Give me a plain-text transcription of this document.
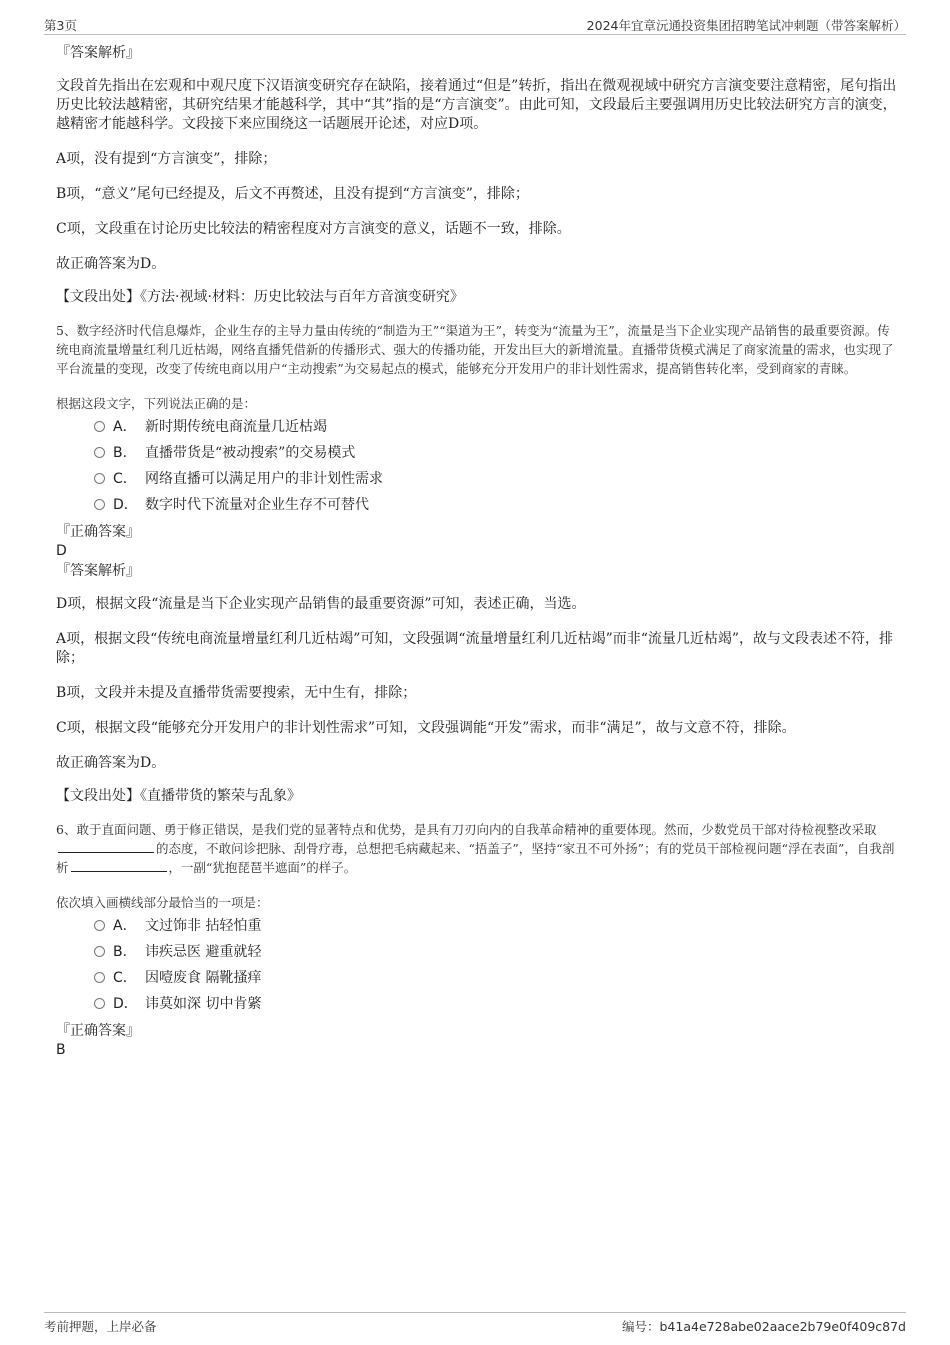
第3页	2024年宜章沅通投资集团招聘笔试冲刺题（带答案解析）

『答案解析』

文段首先指出在宏观和中观尺度下汉语演变研究存在缺陷，接着通过“但是”转折，指出在微观视域中研究方言演变要注意精密，尾句指出历史比较法越精密，其研究结果才能越科学，其中“其”指的是“方言演变”。由此可知，文段最后主要强调用历史比较法研究方言的演变，越精密才能越科学。文段接下来应围绕这一话题展开论述，对应D项。

A项，没有提到“方言演变”，排除；

B项，“意义”尾句已经提及，后文不再赘述，且没有提到“方言演变”，排除；

C项，文段重在讨论历史比较法的精密程度对方言演变的意义，话题不一致，排除。

故正确答案为D。

【文段出处】《方法·视域·材料：历史比较法与百年方音演变研究》

5、数字经济时代信息爆炸，企业生存的主导力量由传统的“制造为王”“渠道为王”，转变为“流量为王”，流量是当下企业实现产品销售的最重要资源。传统电商流量增量红利几近枯竭，网络直播凭借新的传播形式、强大的传播功能，开发出巨大的新增流量。直播带货模式满足了商家流量的需求，也实现了平台流量的变现，改变了传统电商以用户“主动搜索”为交易起点的模式，能够充分开发用户的非计划性需求，提高销售转化率，受到商家的青睐。

根据这段文字，下列说法正确的是：

A． 新时期传统电商流量几近枯竭
B． 直播带货是“被动搜索”的交易模式
C． 网络直播可以满足用户的非计划性需求
D． 数字时代下流量对企业生存不可替代

『正确答案』

D

『答案解析』

D项，根据文段“流量是当下企业实现产品销售的最重要资源”可知，表述正确，当选。

A项，根据文段“传统电商流量增量红利几近枯竭”可知，文段强调“流量增量红利几近枯竭”而非“流量几近枯竭”，故与文段表述不符，排除；

B项，文段并未提及直播带货需要搜索，无中生有，排除；

C项，根据文段“能够充分开发用户的非计划性需求”可知，文段强调能“开发”需求，而非“满足”，故与文意不符，排除。

故正确答案为D。

【文段出处】《直播带货的繁荣与乱象》

6、敢于直面问题、勇于修正错误，是我们党的显著特点和优势，是具有刀刃向内的自我革命精神的重要体现。然而，少数党员干部对待检视整改采取的态度，不敢问诊把脉、刮骨疗毒，总想把毛病藏起来、“捂盖子”，坚持“家丑不可外扬”；有的党员干部检视问题“浮在表面”，自我剖析	，一副“犹抱琵琶半遮面”的样子。

依次填入画横线部分最恰当的一项是：

A． 文过饰非 拈轻怕重
B． 讳疾忌医 避重就轻
C． 因噎废食 隔靴搔痒
D． 讳莫如深 切中肯綮

『正确答案』

B

考前押题，上岸必备	编号：b41a4e728abe02aace2b79e0f409c87d
